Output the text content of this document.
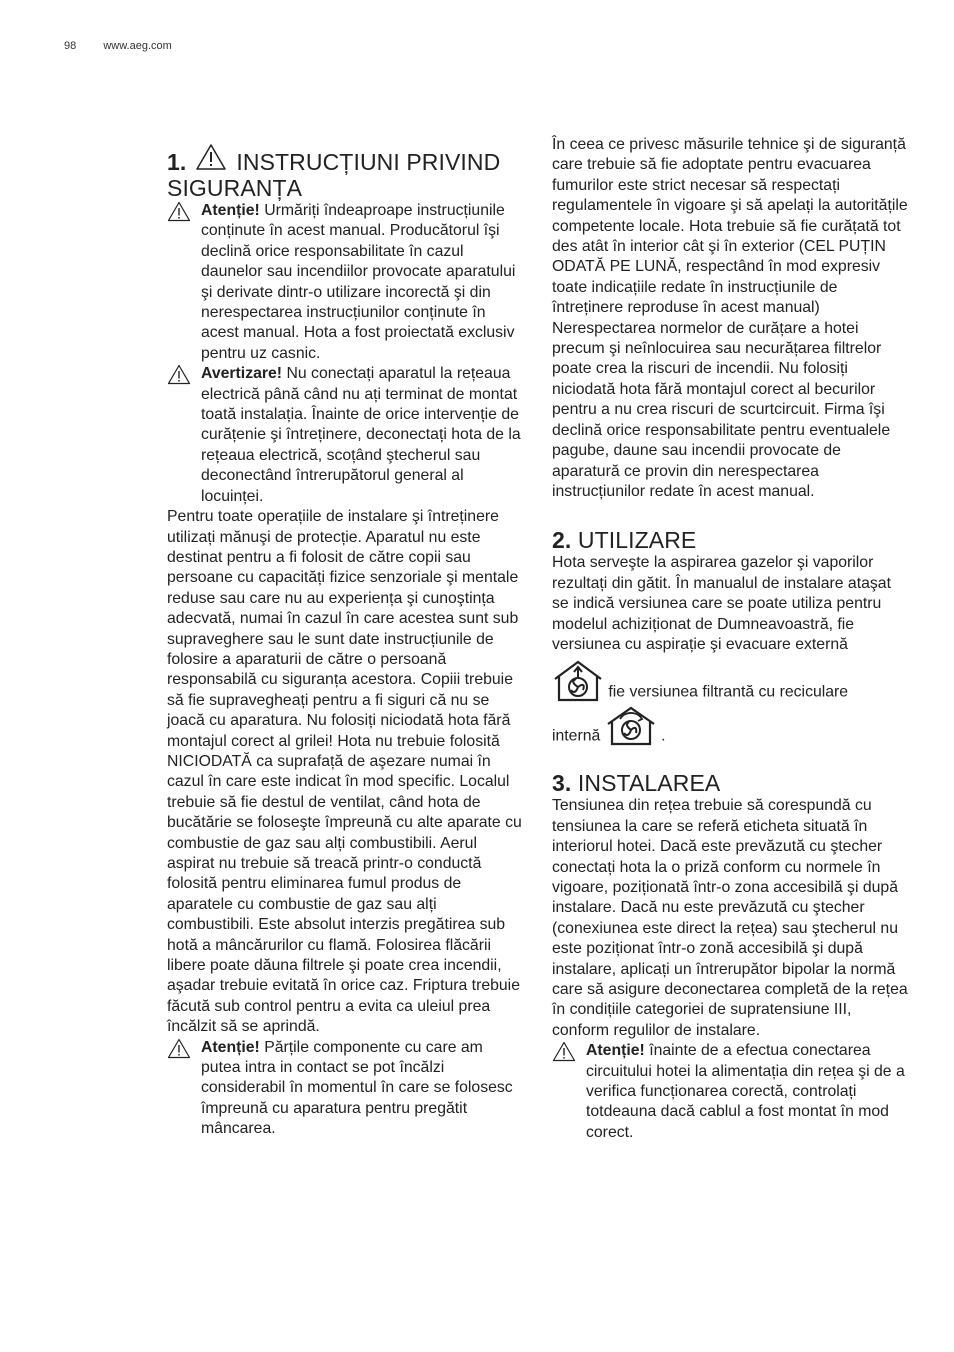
98 www.aeg.com
1. INSTRUCȚIUNI PRIVIND
SIGURANȚA
Atenție! Urmăriți îndeaproape instrucțiunile conținute în acest manual. Producătorul îşi declină orice responsabilitate în cazul daunelor sau incendiilor provocate aparatului şi derivate dintr-o utilizare incorectă şi din nerespectarea instrucțiunilor conținute în acest manual. Hota a fost proiectată exclusiv pentru uz casnic.
Avertizare! Nu conectați aparatul la rețeaua electrică până când nu ați terminat de montat toată instalația. Înainte de orice intervenție de curățenie şi întreținere, deconectați hota de la rețeaua electrică, scoțând ştecherul sau deconectând întrerupătorul general al locuinței.

Pentru toate operațiile de instalare şi întreținere utilizați mănuşi de protecție. Aparatul nu este destinat pentru a fi folosit de către copii sau persoane cu capacități fizice senzoriale şi mentale reduse sau care nu au experiența şi cunoştința adecvată, numai în cazul în care acestea sunt sub supraveghere sau le sunt date instrucțiunile de folosire a aparaturii de către o persoană responsabilă cu siguranța acestora. Copiii trebuie să fie supravegheați pentru a fi siguri că nu se joacă cu aparatura. Nu folosiți niciodată hota fără montajul corect al grilei! Hota nu trebuie folosită NICIODATĂ ca suprafață de aşezare numai în cazul în care este indicat în mod specific. Localul trebuie să fie destul de ventilat, când hota de bucătărie se foloseşte împreună cu alte aparate cu combustie de gaz sau alți combustibili. Aerul aspirat nu trebuie să treacă printr-o conductă folosită pentru eliminarea fumul produs de aparatele cu combustie de gaz sau alți combustibili. Este absolut interzis pregătirea sub hotă a mâncărurilor cu flamă. Folosirea flăcării libere poate dăuna filtrele şi poate crea incendii, aşadar trebuie evitată în orice caz. Friptura trebuie făcută sub control pentru a evita ca uleiul prea încălzit să se aprindă.

Atenție! Părțile componente cu care am putea intra in contact se pot încălzi considerabil în momentul în care se folosesc împreună cu aparatura pentru pregătit mâncarea.

În ceea ce privesc măsurile tehnice şi de siguranță care trebuie să fie adoptate pentru evacuarea fumurilor este strict necesar să respectați regulamentele în vigoare şi să apelați la autoritățile competente locale. Hota trebuie să fie curățată tot des atât în interior cât şi în exterior (CEL PUȚIN ODATĂ PE LUNĂ, respectând în mod expresiv toate indicațiile redate în instrucțiunile de întreținere reproduse în acest manual) Nerespectarea normelor de curățare a hotei precum şi neînlocuirea sau necurățarea filtrelor poate crea la riscuri de incendii. Nu folosiți niciodată hota fără montajul corect al becurilor pentru a nu crea riscuri de scurtcircuit. Firma îşi declină orice responsabilitate pentru eventualele pagube, daune sau incendii provocate de aparatură ce provin din nerespectarea instrucțiunilor redate în acest manual.

2. UTILIZARE

Hota serveşte la aspirarea gazelor şi vaporilor rezultați din gătit. În manualul de instalare ataşat se indică versiunea care se poate utiliza pentru modelul achiziționat de Dumneavoastră, fie versiunea cu aspirație şi evacuare externă

fie versiunea filtrantă cu reciculare
internă	.
3. INSTALAREA

Tensiunea din rețea trebuie să corespundă cu tensiunea la care se referă eticheta situată în interiorul hotei. Dacă este prevăzută cu ştecher conectați hota la o priză conform cu normele în vigoare, poziționată într-o zona accesibilă şi după instalare. Dacă nu este prevăzută cu ştecher (conexiunea este direct la rețea) sau ştecherul nu este poziționat într-o zonă accesibilă şi după instalare, aplicați un întrerupător bipolar la normă care să asigure deconectarea completă de la rețea în condițiile categoriei de supratensiune III, conform regulilor de instalare.

Atenție! înainte de a efectua conectarea circuitului hotei la alimentația din rețea şi de a verifica funcționarea corectă, controlați totdeauna dacă cablul a fost montat în mod corect.
